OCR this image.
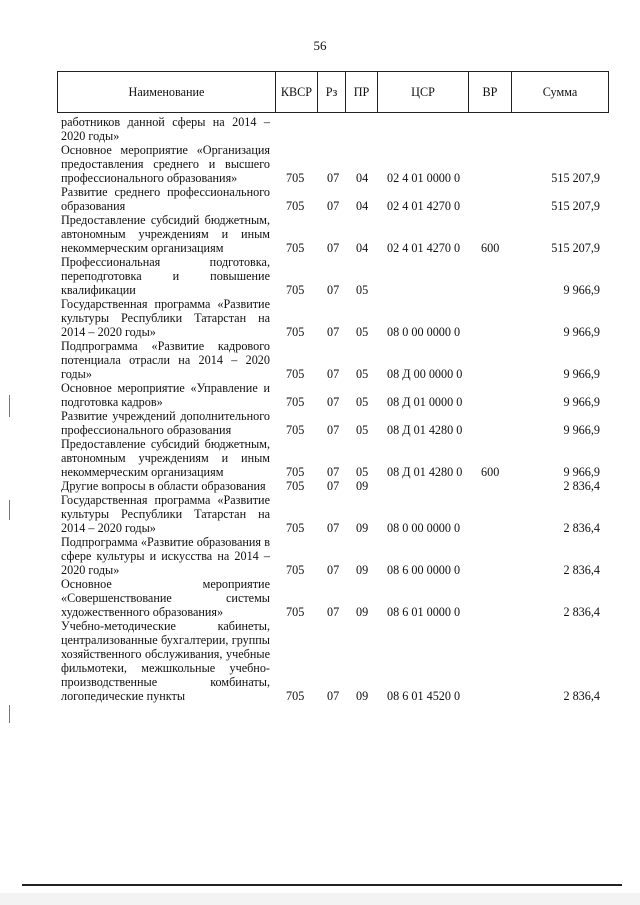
56
Наименование	КВСР	Рз	ПР	ЦСР	ВР	Сумма
работников данной сферы на 2014 – 2020 годы»
Основное мероприятие «Организация предоставления среднего и высшего профессионального образования»	705 07 04 02 4 01 0000 0	515 207,9
Развитие среднего профессионального образования	705 07 04 02 4 01 4270 0	515 207,9
Предоставление субсидий бюджетным, автономным учреждениям и иным некоммерческим организациям	705 07 04 02 4 01 4270 0 600	515 207,9
Профессиональная подготовка, переподготовка и повышение квалификации	705 07 05	9 966,9
Государственная программа «Развитие культуры Республики Татарстан на 2014 – 2020 годы»	705 07 05 08 0 00 0000 0	9 966,9
Подпрограмма «Развитие кадрового потенциала отрасли на 2014 – 2020 годы»	705 07 05 08 Д 00 0000 0	9 966,9
Основное мероприятие «Управление и подготовка кадров»	705 07 05 08 Д 01 0000 0	9 966,9
Развитие учреждений дополнительного профессионального образования	705 07 05 08 Д 01 4280 0	9 966,9
Предоставление субсидий бюджетным, автономным учреждениям и иным некоммерческим организациям	705 07 05 08 Д 01 4280 0 600	9 966,9
Другие вопросы в области образования	705 07 09	2 836,4
Государственная программа «Развитие культуры Республики Татарстан на 2014 – 2020 годы»	705 07 09 08 0 00 0000 0	2 836,4
Подпрограмма «Развитие образования в сфере культуры и искусства на 2014 – 2020 годы»	705 07 09 08 6 00 0000 0	2 836,4
Основное мероприятие «Совершенствование системы художественного образования»	705 07 09 08 6 01 0000 0	2 836,4
Учебно-методические кабинеты, централизованные бухгалтерии, группы хозяйственного обслуживания, учебные фильмотеки, межшкольные учебно-производственные комбинаты, логопедические пункты	705 07 09 08 6 01 4520 0	2 836,4
